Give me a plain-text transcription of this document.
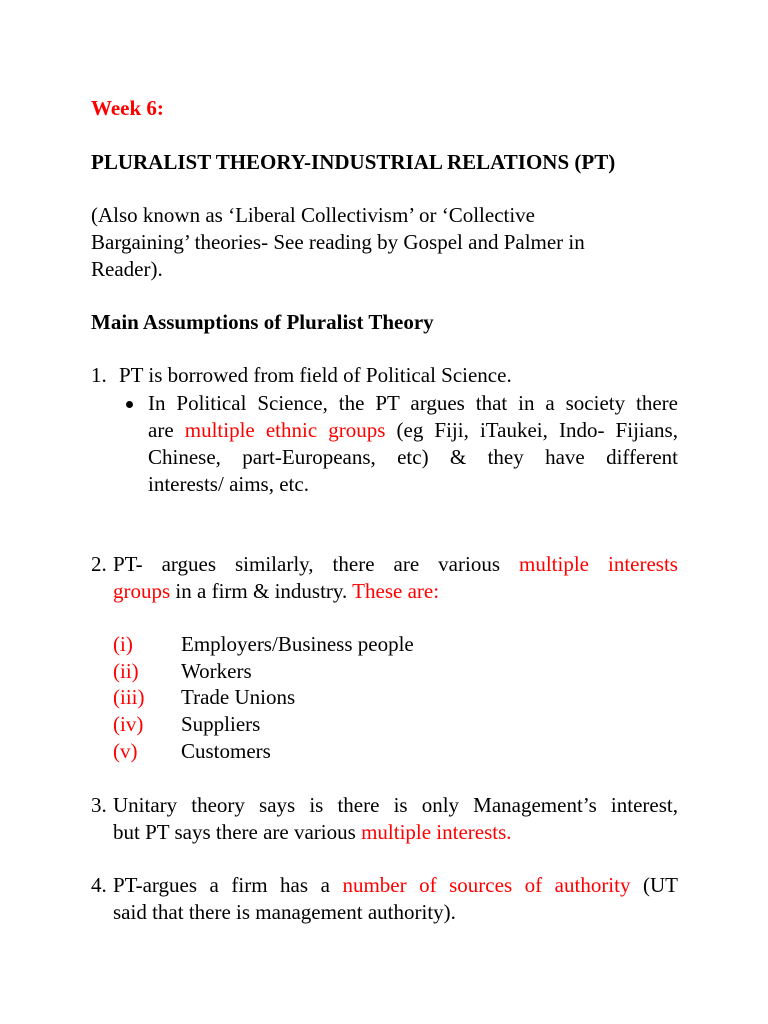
Week 6:

PLURALIST THEORY-INDUSTRIAL RELATIONS (PT)

(Also known as ‘Liberal Collectivism’ or ‘Collective
Bargaining’ theories- See reading by Gospel and Palmer in
Reader).

Main Assumptions of Pluralist Theory

1. PT is borrowed from field of Political Science.
In Political Science, the PT argues that in a society there
are multiple ethnic groups (eg Fiji, iTaukei, Indo- Fijians,
Chinese, part-Europeans, etc) & they have different
interests/ aims, etc.
2. PT- argues similarly, there are various multiple interests
groups in a firm & industry. These are:
(i) Employers/Business people
(ii) Workers
(iii) Trade Unions
(iv) Suppliers
(v) Customers
3. Unitary theory says is there is only Management’s interest,
but PT says there are various multiple interests.
4. PT-argues a firm has a number of sources of authority (UT
said that there is management authority).
